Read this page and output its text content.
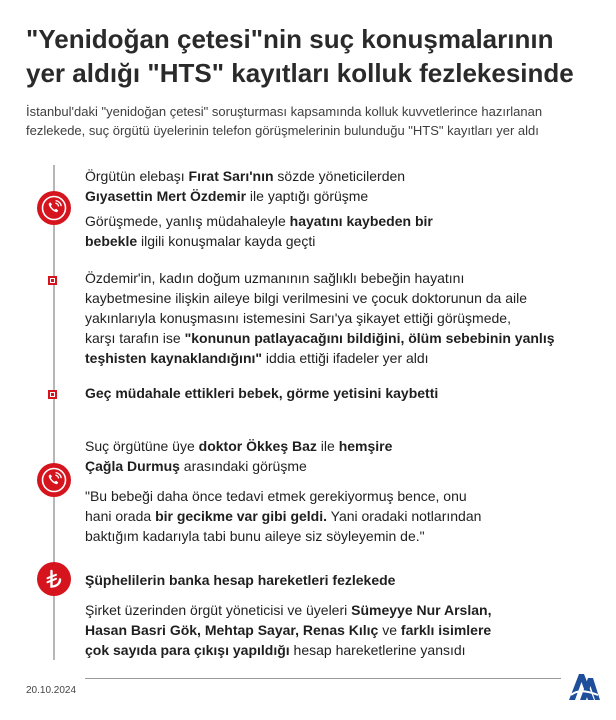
"Yenidoğan çetesi"nin suç konuşmalarının
yer aldığı "HTS" kayıtları kolluk fezlekesinde
İstanbul'daki "yenidoğan çetesi" soruşturması kapsamında kolluk kuvvetlerince hazırlanan
fezlekede, suç örgütü üyelerinin telefon görüşmelerinin bulunduğu "HTS" kayıtları yer aldı
Örgütün elebaşı Fırat Sarı'nın sözde yöneticilerden
Gıyasettin Mert Özdemir ile yaptığı görüşme
Görüşmede, yanlış müdahaleyle hayatını kaybeden bir
bebekle ilgili konuşmalar kayda geçti
Özdemir'in, kadın doğum uzmanının sağlıklı bebeğin hayatını
kaybetmesine ilişkin aileye bilgi verilmesini ve çocuk doktorunun da aile
yakınlarıyla konuşmasını istemesini Sarı'ya şikayet ettiği görüşmede,
karşı tarafın ise "konunun patlayacağını bildiğini, ölüm sebebinin yanlış
teşhisten kaynaklandığını" iddia ettiği ifadeler yer aldı
Geç müdahale ettikleri bebek, görme yetisini kaybetti
Suç örgütüne üye doktor Ökkeş Baz ile hemşire
Çağla Durmuş arasındaki görüşme
"Bu bebeği daha önce tedavi etmek gerekiyormuş bence, onu
hani orada bir gecikme var gibi geldi. Yani oradaki notlarından
baktığım kadarıyla tabi bunu aileye siz söyleyemin de."
Şüphelilerin banka hesap hareketleri fezlekede
Şirket üzerinden örgüt yöneticisi ve üyeleri Sümeyye Nur Arslan,
Hasan Basri Gök, Mehtap Sayar, Renas Kılıç ve farklı isimlere
çok sayıda para çıkışı yapıldığı hesap hareketlerine yansıdı
20.10.2024
